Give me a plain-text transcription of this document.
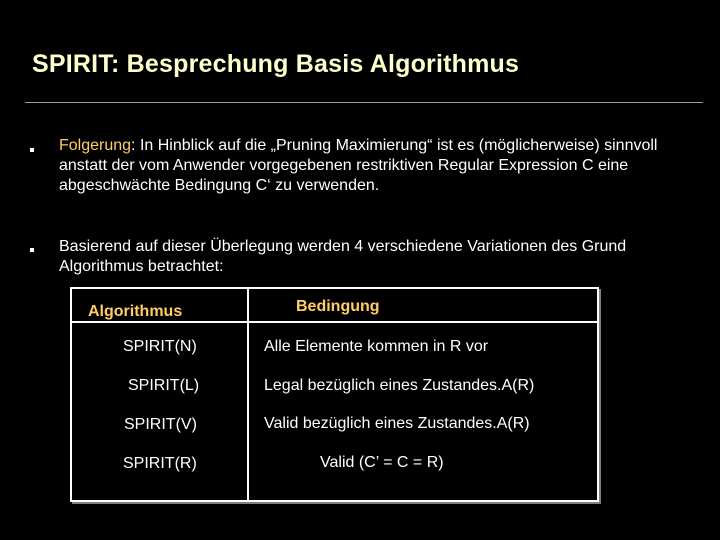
SPIRIT: Besprechung Basis Algorithmus
Folgerung: In Hinblick auf die „Pruning Maximierung“ ist es (möglicherweise) sinnvoll anstatt der vom Anwender vorgegebenen restriktiven Regular Expression C eine abgeschwächte Bedingung C‘ zu verwenden.
Basierend auf dieser Überlegung werden 4 verschiedene Variationen des Grund Algorithmus betrachtet:
Algorithmus	Bedingung
SPIRIT(N)	Alle Elemente kommen in R vor
SPIRIT(L)	Legal bezüglich eines Zustandes.A(R)
SPIRIT(V)	Valid bezüglich eines Zustandes.A(R)
SPIRIT(R)	Valid (C’ = C = R)
